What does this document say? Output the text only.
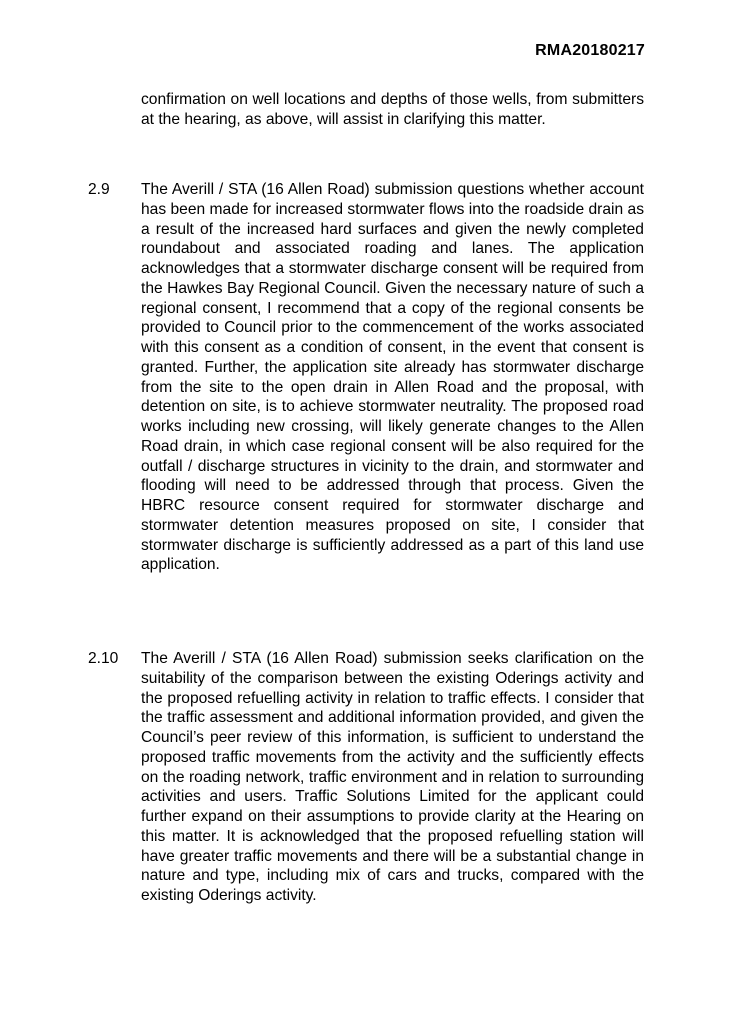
RMA20180217
confirmation on well locations and depths of those wells, from submitters at the hearing, as above, will assist in clarifying this matter.
2.9 The Averill / STA (16 Allen Road) submission questions whether account has been made for increased stormwater flows into the roadside drain as a result of the increased hard surfaces and given the newly completed roundabout and associated roading and lanes. The application acknowledges that a stormwater discharge consent will be required from the Hawkes Bay Regional Council. Given the necessary nature of such a regional consent, I recommend that a copy of the regional consents be provided to Council prior to the commencement of the works associated with this consent as a condition of consent, in the event that consent is granted. Further, the application site already has stormwater discharge from the site to the open drain in Allen Road and the proposal, with detention on site, is to achieve stormwater neutrality. The proposed road works including new crossing, will likely generate changes to the Allen Road drain, in which case regional consent will be also required for the outfall / discharge structures in vicinity to the drain, and stormwater and flooding will need to be addressed through that process. Given the HBRC resource consent required for stormwater discharge and stormwater detention measures proposed on site, I consider that stormwater discharge is sufficiently addressed as a part of this land use application.
2.10 The Averill / STA (16 Allen Road) submission seeks clarification on the suitability of the comparison between the existing Oderings activity and the proposed refuelling activity in relation to traffic effects. I consider that the traffic assessment and additional information provided, and given the Council’s peer review of this information, is sufficient to understand the proposed traffic movements from the activity and the sufficiently effects on the roading network, traffic environment and in relation to surrounding activities and users. Traffic Solutions Limited for the applicant could further expand on their assumptions to provide clarity at the Hearing on this matter. It is acknowledged that the proposed refuelling station will have greater traffic movements and there will be a substantial change in nature and type, including mix of cars and trucks, compared with the existing Oderings activity.
